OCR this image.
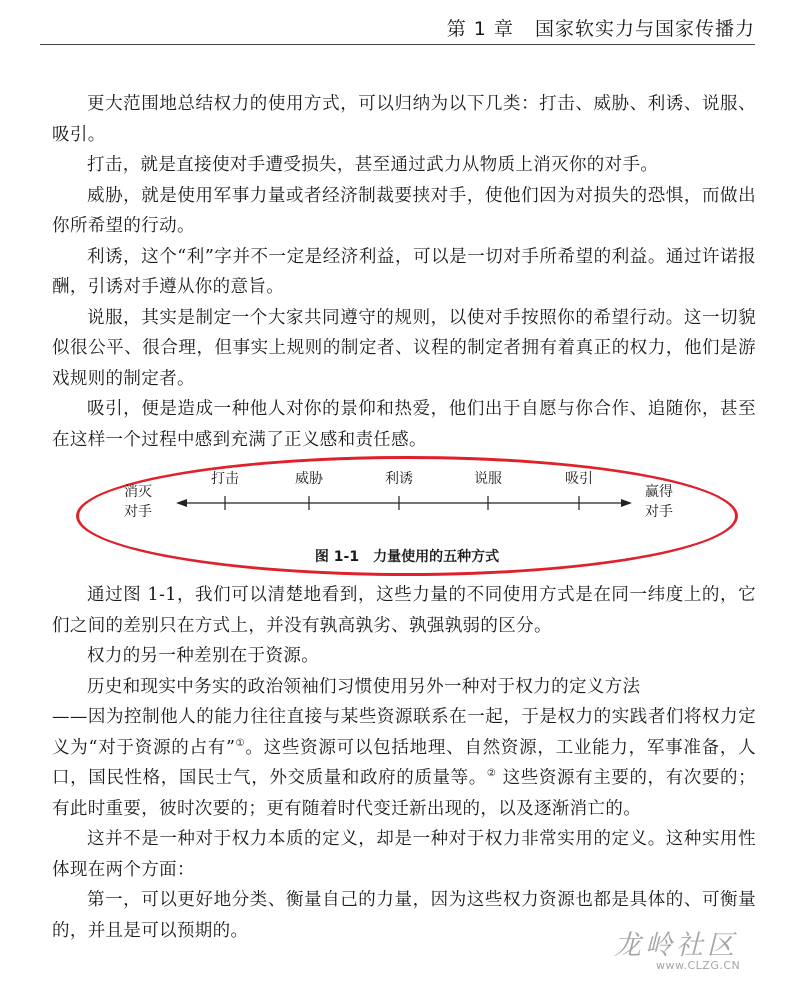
第 1 章 国家软实力与国家传播力

更大范围地总结权力的使用方式，可以归纳为以下几类：打击、威胁、利诱、说服、吸引。

打击，就是直接使对手遭受损失，甚至通过武力从物质上消灭你的对手。

威胁，就是使用军事力量或者经济制裁要挟对手，使他们因为对损失的恐惧，而做出你所希望的行动。

利诱，这个“利”字并不一定是经济利益，可以是一切对手所希望的利益。通过许诺报酬，引诱对手遵从你的意旨。

说服，其实是制定一个大家共同遵守的规则，以使对手按照你的希望行动。这一切貌似很公平、很合理，但事实上规则的制定者、议程的制定者拥有着真正的权力，他们是游戏规则的制定者。

吸引，便是造成一种他人对你的景仰和热爱，他们出于自愿与你合作、追随你，甚至在这样一个过程中感到充满了正义感和责任感。

消灭
对手
赢得
对手
打击	威胁	利诱	说服	吸引
图 1-1　力量使用的五种方式

通过图 1-1，我们可以清楚地看到，这些力量的不同使用方式是在同一纬度上的，它们之间的差别只在方式上，并没有孰高孰劣、孰强孰弱的区分。

权力的另一种差别在于资源。

历史和现实中务实的政治领袖们习惯使用另外一种对于权力的定义方法

——因为控制他人的能力往往直接与某些资源联系在一起，于是权力的实践者们将权力定义为“对于资源的占有”①。这些资源可以包括地理、自然资源，工业能力，军事准备，人口，国民性格，国民士气，外交质量和政府的质量等。② 这些资源有主要的，有次要的；有此时重要，彼时次要的；更有随着时代变迁新出现的，以及逐渐消亡的。

这并不是一种对于权力本质的定义，却是一种对于权力非常实用的定义。这种实用性体现在两个方面：

第一，可以更好地分类、衡量自己的力量，因为这些权力资源也都是具体的、可衡量的，并且是可以预期的。	龙岭社区
www.CLZG.CN
